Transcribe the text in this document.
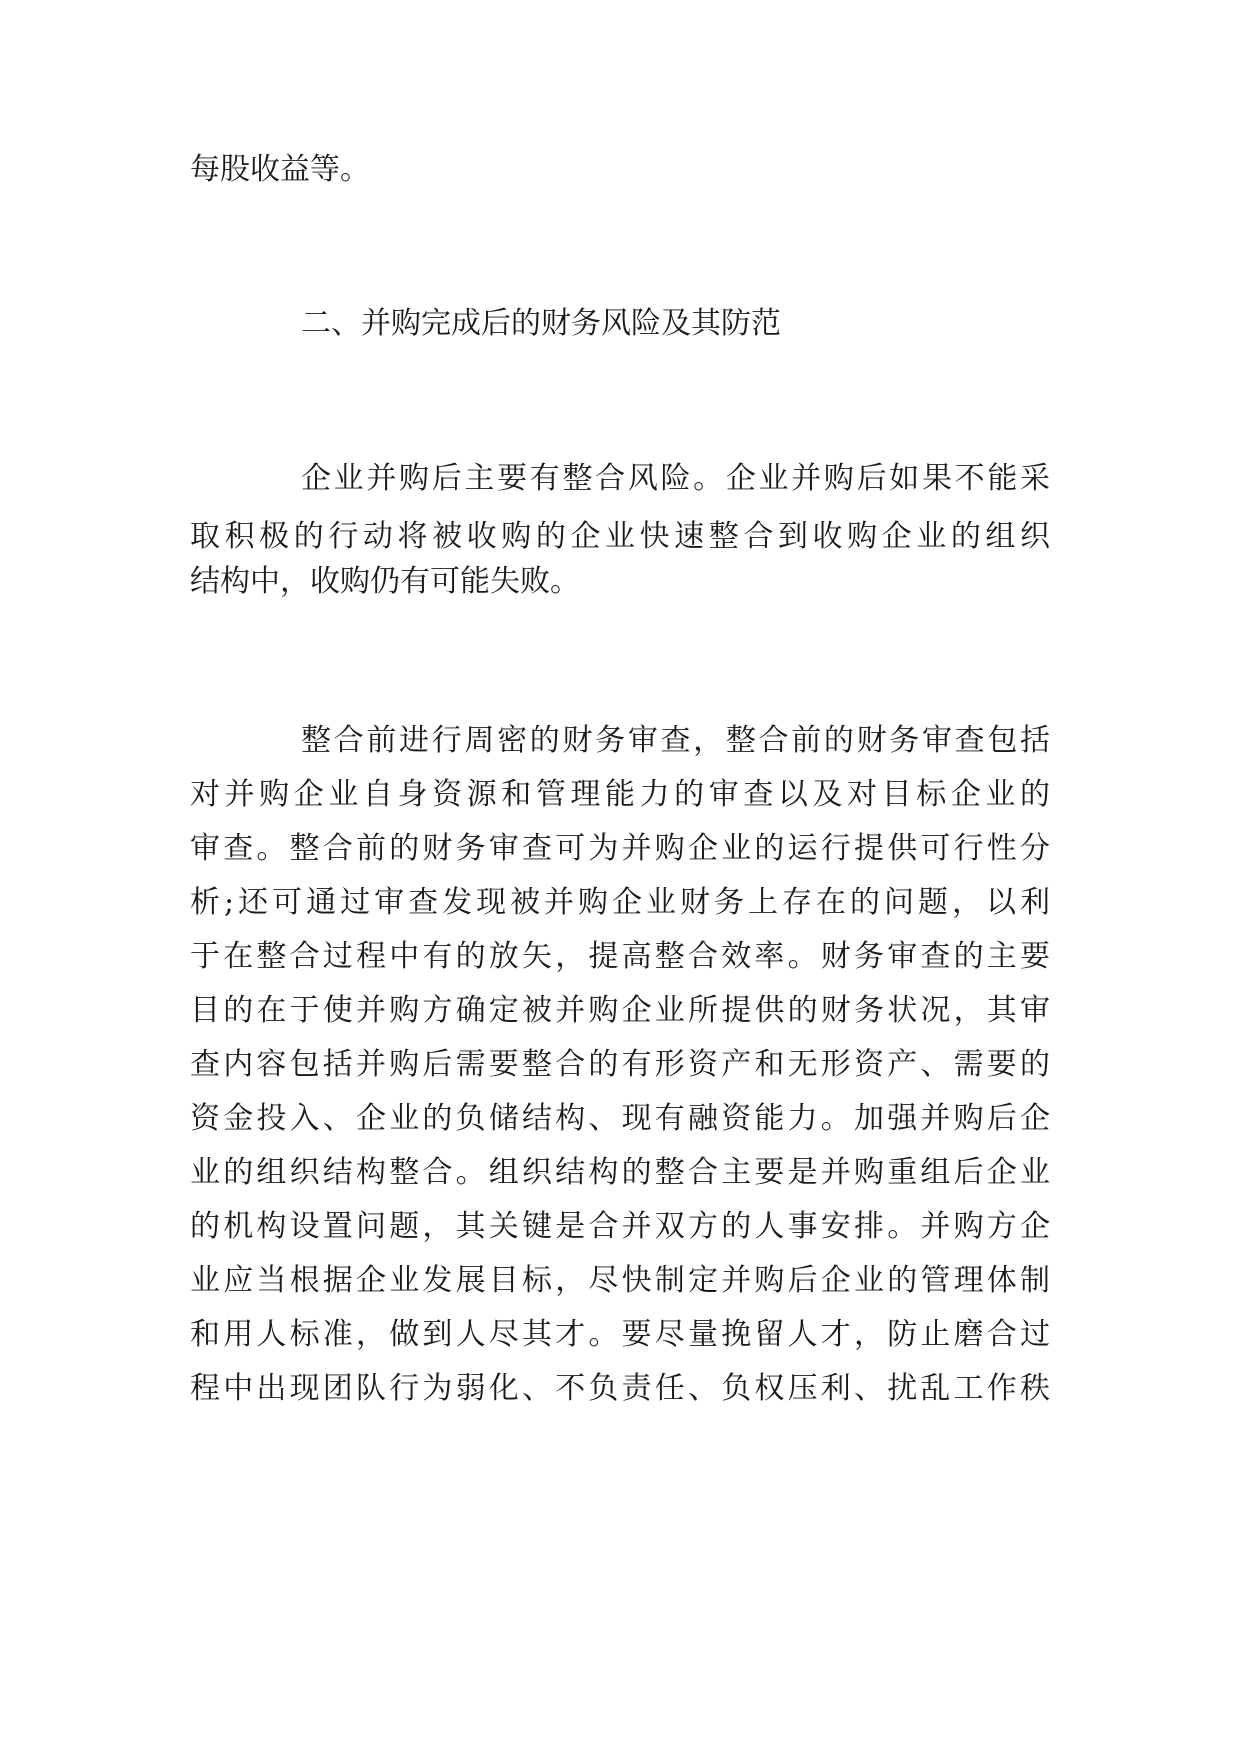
每股收益等。
二、并购完成后的财务风险及其防范
企业并购后主要有整合风险。企业并购后如果不能采
取积极的行动将被收购的企业快速整合到收购企业的组织
结构中，收购仍有可能失败。
整合前进行周密的财务审查，整合前的财务审查包括
对并购企业自身资源和管理能力的审查以及对目标企业的
审查。整合前的财务审查可为并购企业的运行提供可行性分
析;还可通过审查发现被并购企业财务上存在的问题，以利
于在整合过程中有的放矢，提高整合效率。财务审查的主要
目的在于使并购方确定被并购企业所提供的财务状况，其审
查内容包括并购后需要整合的有形资产和无形资产、需要的
资金投入、企业的负储结构、现有融资能力。加强并购后企
业的组织结构整合。组织结构的整合主要是并购重组后企业
的机构设置问题，其关键是合并双方的人事安排。并购方企
业应当根据企业发展目标，尽快制定并购后企业的管理体制
和用人标准，做到人尽其才。要尽量挽留人才，防止磨合过
程中出现团队行为弱化、不负责任、负权压利、扰乱工作秩
